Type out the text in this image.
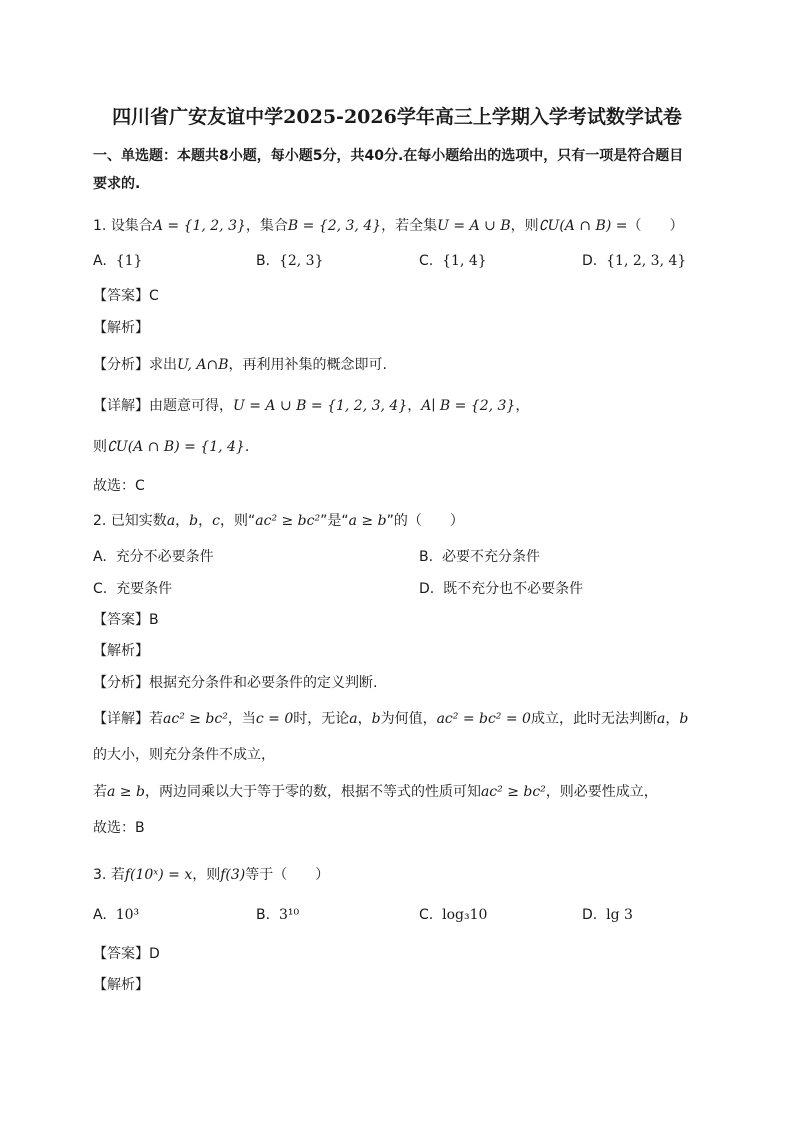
四川省广安友谊中学2025-2026学年高三上学期入学考试数学试卷
一、单选题：本题共8小题，每小题5分，共40分.在每小题给出的选项中，只有一项是符合题目
要求的.
1. 设集合A = {1, 2, 3}，集合B = {2, 3, 4}，若全集U = A ∪ B，则∁U(A ∩ B) =（　　）
A. {1}	B. {2, 3}	C. {1, 4}	D. {1, 2, 3, 4}
【答案】C
【解析】
【分析】求出U, A∩B，再利用补集的概念即可.
【详解】由题意可得，U = A ∪ B = {1, 2, 3, 4}，A∣ B = {2, 3}，
则∁U(A ∩ B) = {1, 4}.
故选：C
2. 已知实数a，b，c，则“ac² ≥ bc²”是“a ≥ b”的（　　）
A. 充分不必要条件	B. 必要不充分条件
C. 充要条件	D. 既不充分也不必要条件
【答案】B
【解析】
【分析】根据充分条件和必要条件的定义判断.
【详解】若ac² ≥ bc²，当c = 0时，无论a，b为何值，ac² = bc² = 0成立，此时无法判断a，b
的大小，则充分条件不成立，
若a ≥ b，两边同乘以大于等于零的数，根据不等式的性质可知ac² ≥ bc²，则必要性成立，
故选：B
3. 若f(10ˣ) = x，则f(3)等于（　　）
A. 10³	B. 3¹⁰	C. log₃10	D. lg 3
【答案】D
【解析】
